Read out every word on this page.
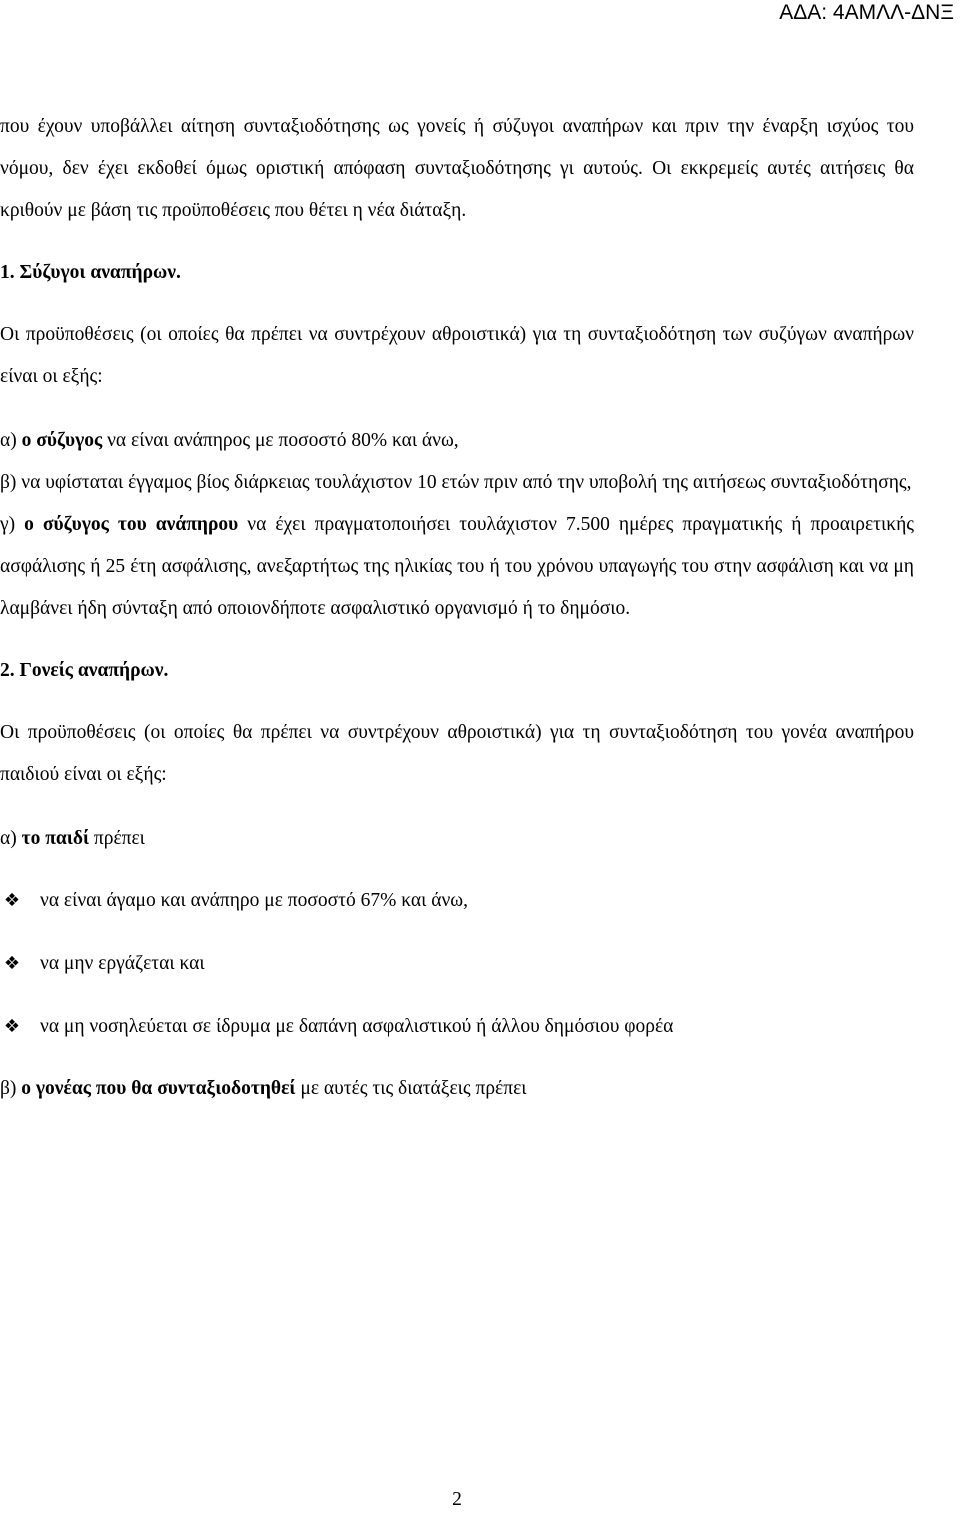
ΑΔΑ: 4ΑΜΛΛ-ΔΝΞ

που έχουν υποβάλλει αίτηση συνταξιοδότησης ως γονείς ή σύζυγοι αναπήρων και πριν την έναρξη ισχύος του νόμου, δεν έχει εκδοθεί όμως οριστική απόφαση συνταξιοδότησης γι αυτούς. Οι εκκρεμείς αυτές αιτήσεις θα κριθούν με βάση τις προϋποθέσεις που θέτει η νέα διάταξη.

1. Σύζυγοι αναπήρων.

Οι προϋποθέσεις (οι οποίες θα πρέπει να συντρέχουν αθροιστικά) για τη συνταξιοδότηση των συζύγων αναπήρων είναι οι εξής:

α) ο σύζυγος να είναι ανάπηρος με ποσοστό 80% και άνω,

β) να υφίσταται έγγαμος βίος διάρκειας τουλάχιστον 10 ετών πριν από την υποβολή της αιτήσεως συνταξιοδότησης,

γ) ο σύζυγος του ανάπηρου να έχει πραγματοποιήσει τουλάχιστον 7.500 ημέρες πραγματικής ή προαιρετικής ασφάλισης ή 25 έτη ασφάλισης, ανεξαρτήτως της ηλικίας του ή του χρόνου υπαγωγής του στην ασφάλιση και να μη λαμβάνει ήδη σύνταξη από οποιονδήποτε ασφαλιστικό οργανισμό ή το δημόσιο.

2. Γονείς αναπήρων.

Οι προϋποθέσεις (οι οποίες θα πρέπει να συντρέχουν αθροιστικά) για τη συνταξιοδότηση του γονέα αναπήρου παιδιού είναι οι εξής:

α) το παιδί πρέπει

❖ να είναι άγαμο και ανάπηρο με ποσοστό 67% και άνω,

❖ να μην εργάζεται και

❖ να μη νοσηλεύεται σε ίδρυμα με δαπάνη ασφαλιστικού ή άλλου δημόσιου φορέα

β) ο γονέας που θα συνταξιοδοτηθεί με αυτές τις διατάξεις πρέπει

2
